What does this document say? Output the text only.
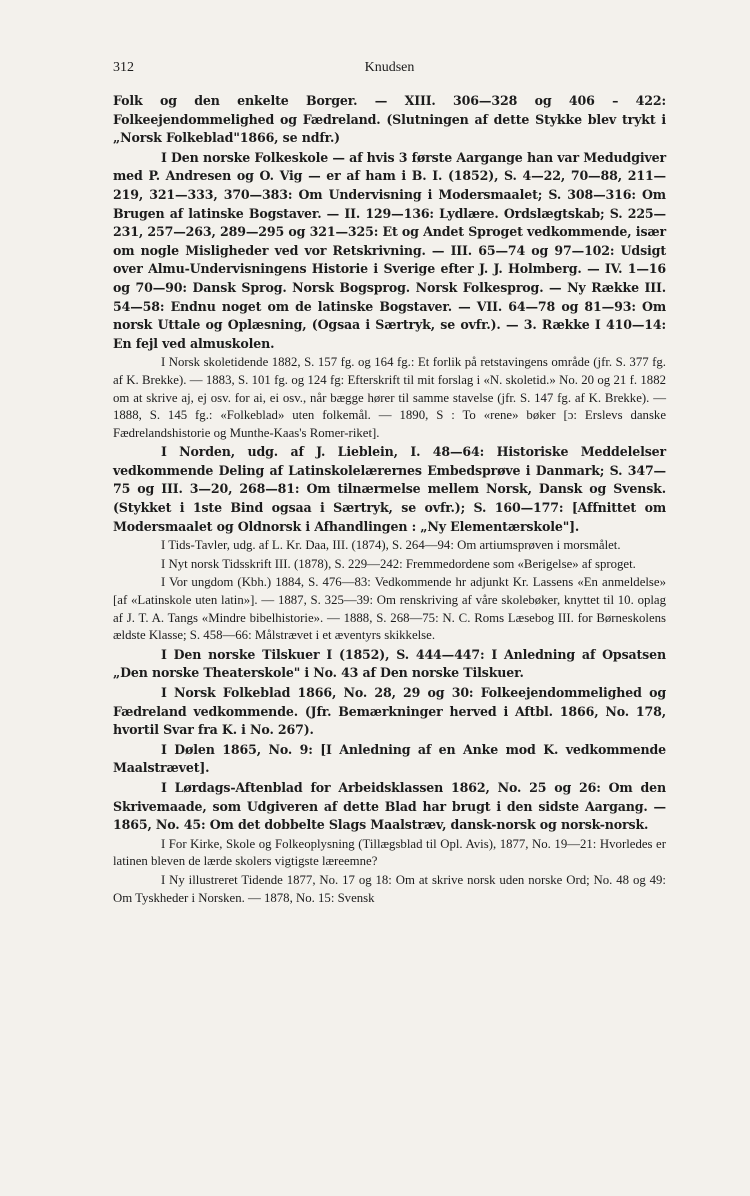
312	Knudsen

Folk og den enkelte Borger. — XIII. 306—328 og 406 – 422: Folkeejendommelighed og Fædreland. (Slutningen af dette Stykke blev trykt i „Norsk Folkeblad"1866, se ndfr.)

I Den norske Folkeskole — af hvis 3 første Aargange han var Medudgiver med P. Andresen og O. Vig — er af ham i B. I. (1852), S. 4—22, 70—88, 211—219, 321—333, 370—383: Om Undervisning i Modersmaalet; S. 308—316: Om Brugen af latinske Bogstaver. — II. 129—136: Lydlære. Ordslægtskab; S. 225—231, 257—263, 289—295 og 321—325: Et og Andet Sproget vedkommende, især om nogle Misligheder ved vor Retskrivning. — III. 65—74 og 97—102: Udsigt over Almu-Undervisningens Historie i Sverige efter J. J. Holmberg. — IV. 1—16 og 70—90: Dansk Sprog. Norsk Bogsprog. Norsk Folkesprog. — Ny Række III. 54—58: Endnu noget om de latinske Bogstaver. — VII. 64—78 og 81—93: Om norsk Uttale og Oplæsning, (Ogsaa i Særtryk, se ovfr.). — 3. Række I 410—14: En fejl ved almuskolen.

I Norsk skoletidende 1882, S. 157 fg. og 164 fg.: Et forlik på retstavingens område (jfr. S. 377 fg. af K. Brekke). — 1883, S. 101 fg. og 124 fg: Efterskrift til mit forslag i «N. skoletid.» No. 20 og 21 f. 1882 om at skrive aj, ej osv. for ai, ei osv., når bægge hører til samme stavelse (jfr. S. 147 fg. af K. Brekke). — 1888, S. 145 fg.: «Folkeblad» uten folkemål. — 1890, S : To «rene» bøker [ɔ: Erslevs danske Fædrelandshistorie og Munthe-Kaas's Romer-riket].

I Norden, udg. af J. Lieblein, I. 48—64: Historiske Meddelelser vedkommende Deling af Latinskolelærernes Embedsprøve i Danmark; S. 347—75 og III. 3—20, 268—81: Om tilnærmelse mellem Norsk, Dansk og Svensk. (Stykket i 1ste Bind ogsaa i Særtryk, se ovfr.); S. 160—177: [Affnittet om Modersmaalet og Oldnorsk i Afhandlingen : „Ny Elementærskole"].

I Tids-Tavler, udg. af L. Kr. Daa, III. (1874), S. 264—94: Om artiumsprøven i morsmålet.

I Nyt norsk Tidsskrift III. (1878), S. 229—242: Fremmedordene som «Berigelse» af sproget.

I Vor ungdom (Kbh.) 1884, S. 476—83: Vedkommende hr adjunkt Kr. Lassens «En anmeldelse» [af «Latinskole uten latin»]. — 1887, S. 325—39: Om renskriving af våre skolebøker, knyttet til 10. oplag af J. T. A. Tangs «Mindre bibelhistorie». — 1888, S. 268—75: N. C. Roms Læsebog III. for Børneskolens ældste Klasse; S. 458—66: Målstrævet i et æventyrs skikkelse.

I Den norske Tilskuer I (1852), S. 444—447: I Anledning af Opsatsen „Den norske Theaterskole" i No. 43 af Den norske Tilskuer.

I Norsk Folkeblad 1866, No. 28, 29 og 30: Folkeejendommelighed og Fædreland vedkommende. (Jfr. Bemærkninger herved i Aftbl. 1866, No. 178, hvortil Svar fra K. i No. 267).

I Dølen 1865, No. 9: [I Anledning af en Anke mod K. vedkommende Maalstrævet].

I Lørdags-Aftenblad for Arbeidsklassen 1862, No. 25 og 26: Om den Skrivemaade, som Udgiveren af dette Blad har brugt i den sidste Aargang. — 1865, No. 45: Om det dobbelte Slags Maalstræv, dansk-norsk og norsk-norsk.

I For Kirke, Skole og Folkeoplysning (Tillægsblad til Opl. Avis), 1877, No. 19—21: Hvorledes er latinen bleven de lærde skolers vigtigste læreemne?

I Ny illustreret Tidende 1877, No. 17 og 18: Om at skrive norsk uden norske Ord; No. 48 og 49: Om Tyskheder i Norsken. — 1878, No. 15: Svensk
